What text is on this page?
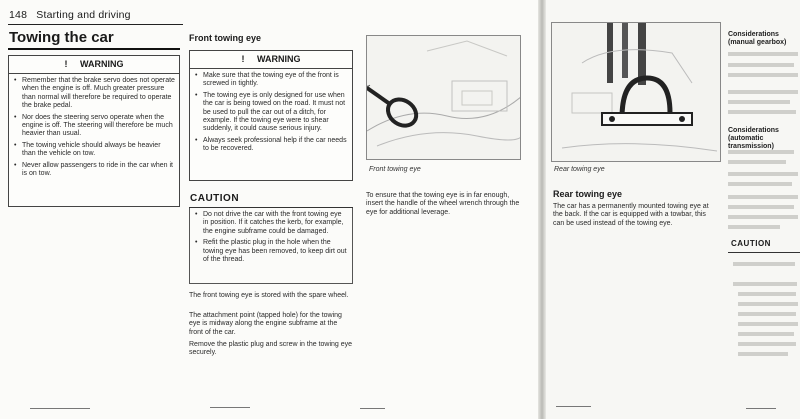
148 Starting and driving
Towing the car
! WARNING
• Remember that the brake servo does not operate when the engine is off. Much greater pressure than normal will therefore be required to operate the brake pedal.
• Nor does the steering servo operate when the engine is off. The steering will therefore be much heavier than usual.
• The towing vehicle should always be heavier than the vehicle on tow.
• Never allow passengers to ride in the car when it is on tow.
Front towing eye
! WARNING
• Make sure that the towing eye of the front is screwed in tightly.
• The towing eye is only designed for use when the car is being towed on the road. It must not be used to pull the car out of a ditch, for example. If the towing eye were to shear suddenly, it could cause serious injury.
• Always seek professional help if the car needs to be recovered.
CAUTION
• Do not drive the car with the front towing eye in position. If it catches the kerb, for example, the engine subframe could be damaged.
• Refit the plastic plug in the hole when the towing eye has been removed, to keep dirt out of the thread.
The front towing eye is stored with the spare wheel.
The attachment point (tapped hole) for the towing eye is midway along the engine subframe at the front of the car.
Remove the plastic plug and screw in the towing eye securely.
Front towing eye
To ensure that the towing eye is in far enough, insert the handle of the wheel wrench through the eye for additional leverage.
Rear towing eye
Rear towing eye
The car has a permanently mounted towing eye at the back. If the car is equipped with a towbar, this can be used instead of the towing eye.
Considerations (manual gearbox)
Considerations (automatic transmission)
CAUTION
